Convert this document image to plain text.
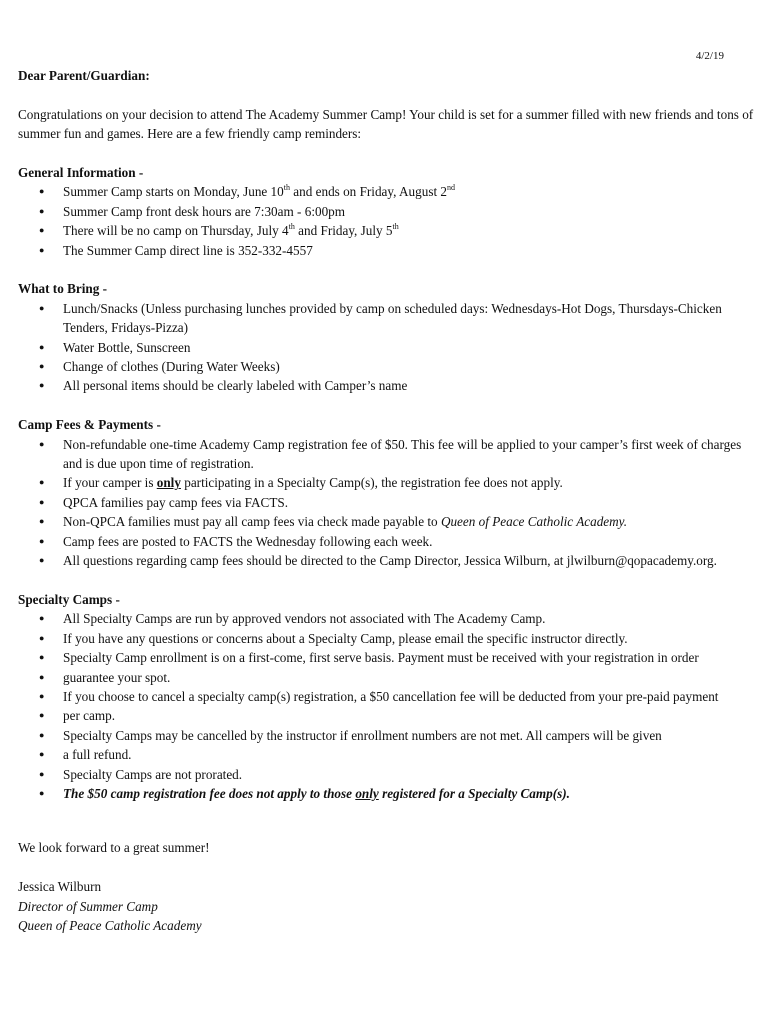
4/2/19

Dear Parent/Guardian:

Congratulations on your decision to attend The Academy Summer Camp! Your child is set for a summer filled with new friends and tons of summer fun and games. Here are a few friendly camp reminders:

General Information -

● Summer Camp starts on Monday, June 10th and ends on Friday, August 2nd
● Summer Camp front desk hours are 7:30am - 6:00pm
● There will be no camp on Thursday, July 4th and Friday, July 5th
● The Summer Camp direct line is 352-332-4557

What to Bring -

● Lunch/Snacks (Unless purchasing lunches provided by camp on scheduled days: Wednesdays-Hot Dogs, Thursdays-Chicken Tenders, Fridays-Pizza)
● Water Bottle, Sunscreen
● Change of clothes (During Water Weeks)
● All personal items should be clearly labeled with Camper’s name

Camp Fees & Payments -

● Non-refundable one-time Academy Camp registration fee of $50. This fee will be applied to your camper’s first week of charges and is due upon time of registration.
● If your camper is only participating in a Specialty Camp(s), the registration fee does not apply.
● QPCA families pay camp fees via FACTS.
● Non-QPCA families must pay all camp fees via check made payable to Queen of Peace Catholic Academy.
● Camp fees are posted to FACTS the Wednesday following each week.
● All questions regarding camp fees should be directed to the Camp Director, Jessica Wilburn, at jlwilburn@qopacademy.org.

Specialty Camps -

● All Specialty Camps are run by approved vendors not associated with The Academy Camp.
● If you have any questions or concerns about a Specialty Camp, please email the specific instructor directly.
● Specialty Camp enrollment is on a first-come, first serve basis. Payment must be received with your registration in order
● guarantee your spot.
● If you choose to cancel a specialty camp(s) registration, a $50 cancellation fee will be deducted from your pre-paid payment
● per camp.
● Specialty Camps may be cancelled by the instructor if enrollment numbers are not met. All campers will be given
● a full refund.
● Specialty Camps are not prorated.
● The $50 camp registration fee does not apply to those only registered for a Specialty Camp(s).

We look forward to a great summer!

Jessica Wilburn
Director of Summer Camp
Queen of Peace Catholic Academy
